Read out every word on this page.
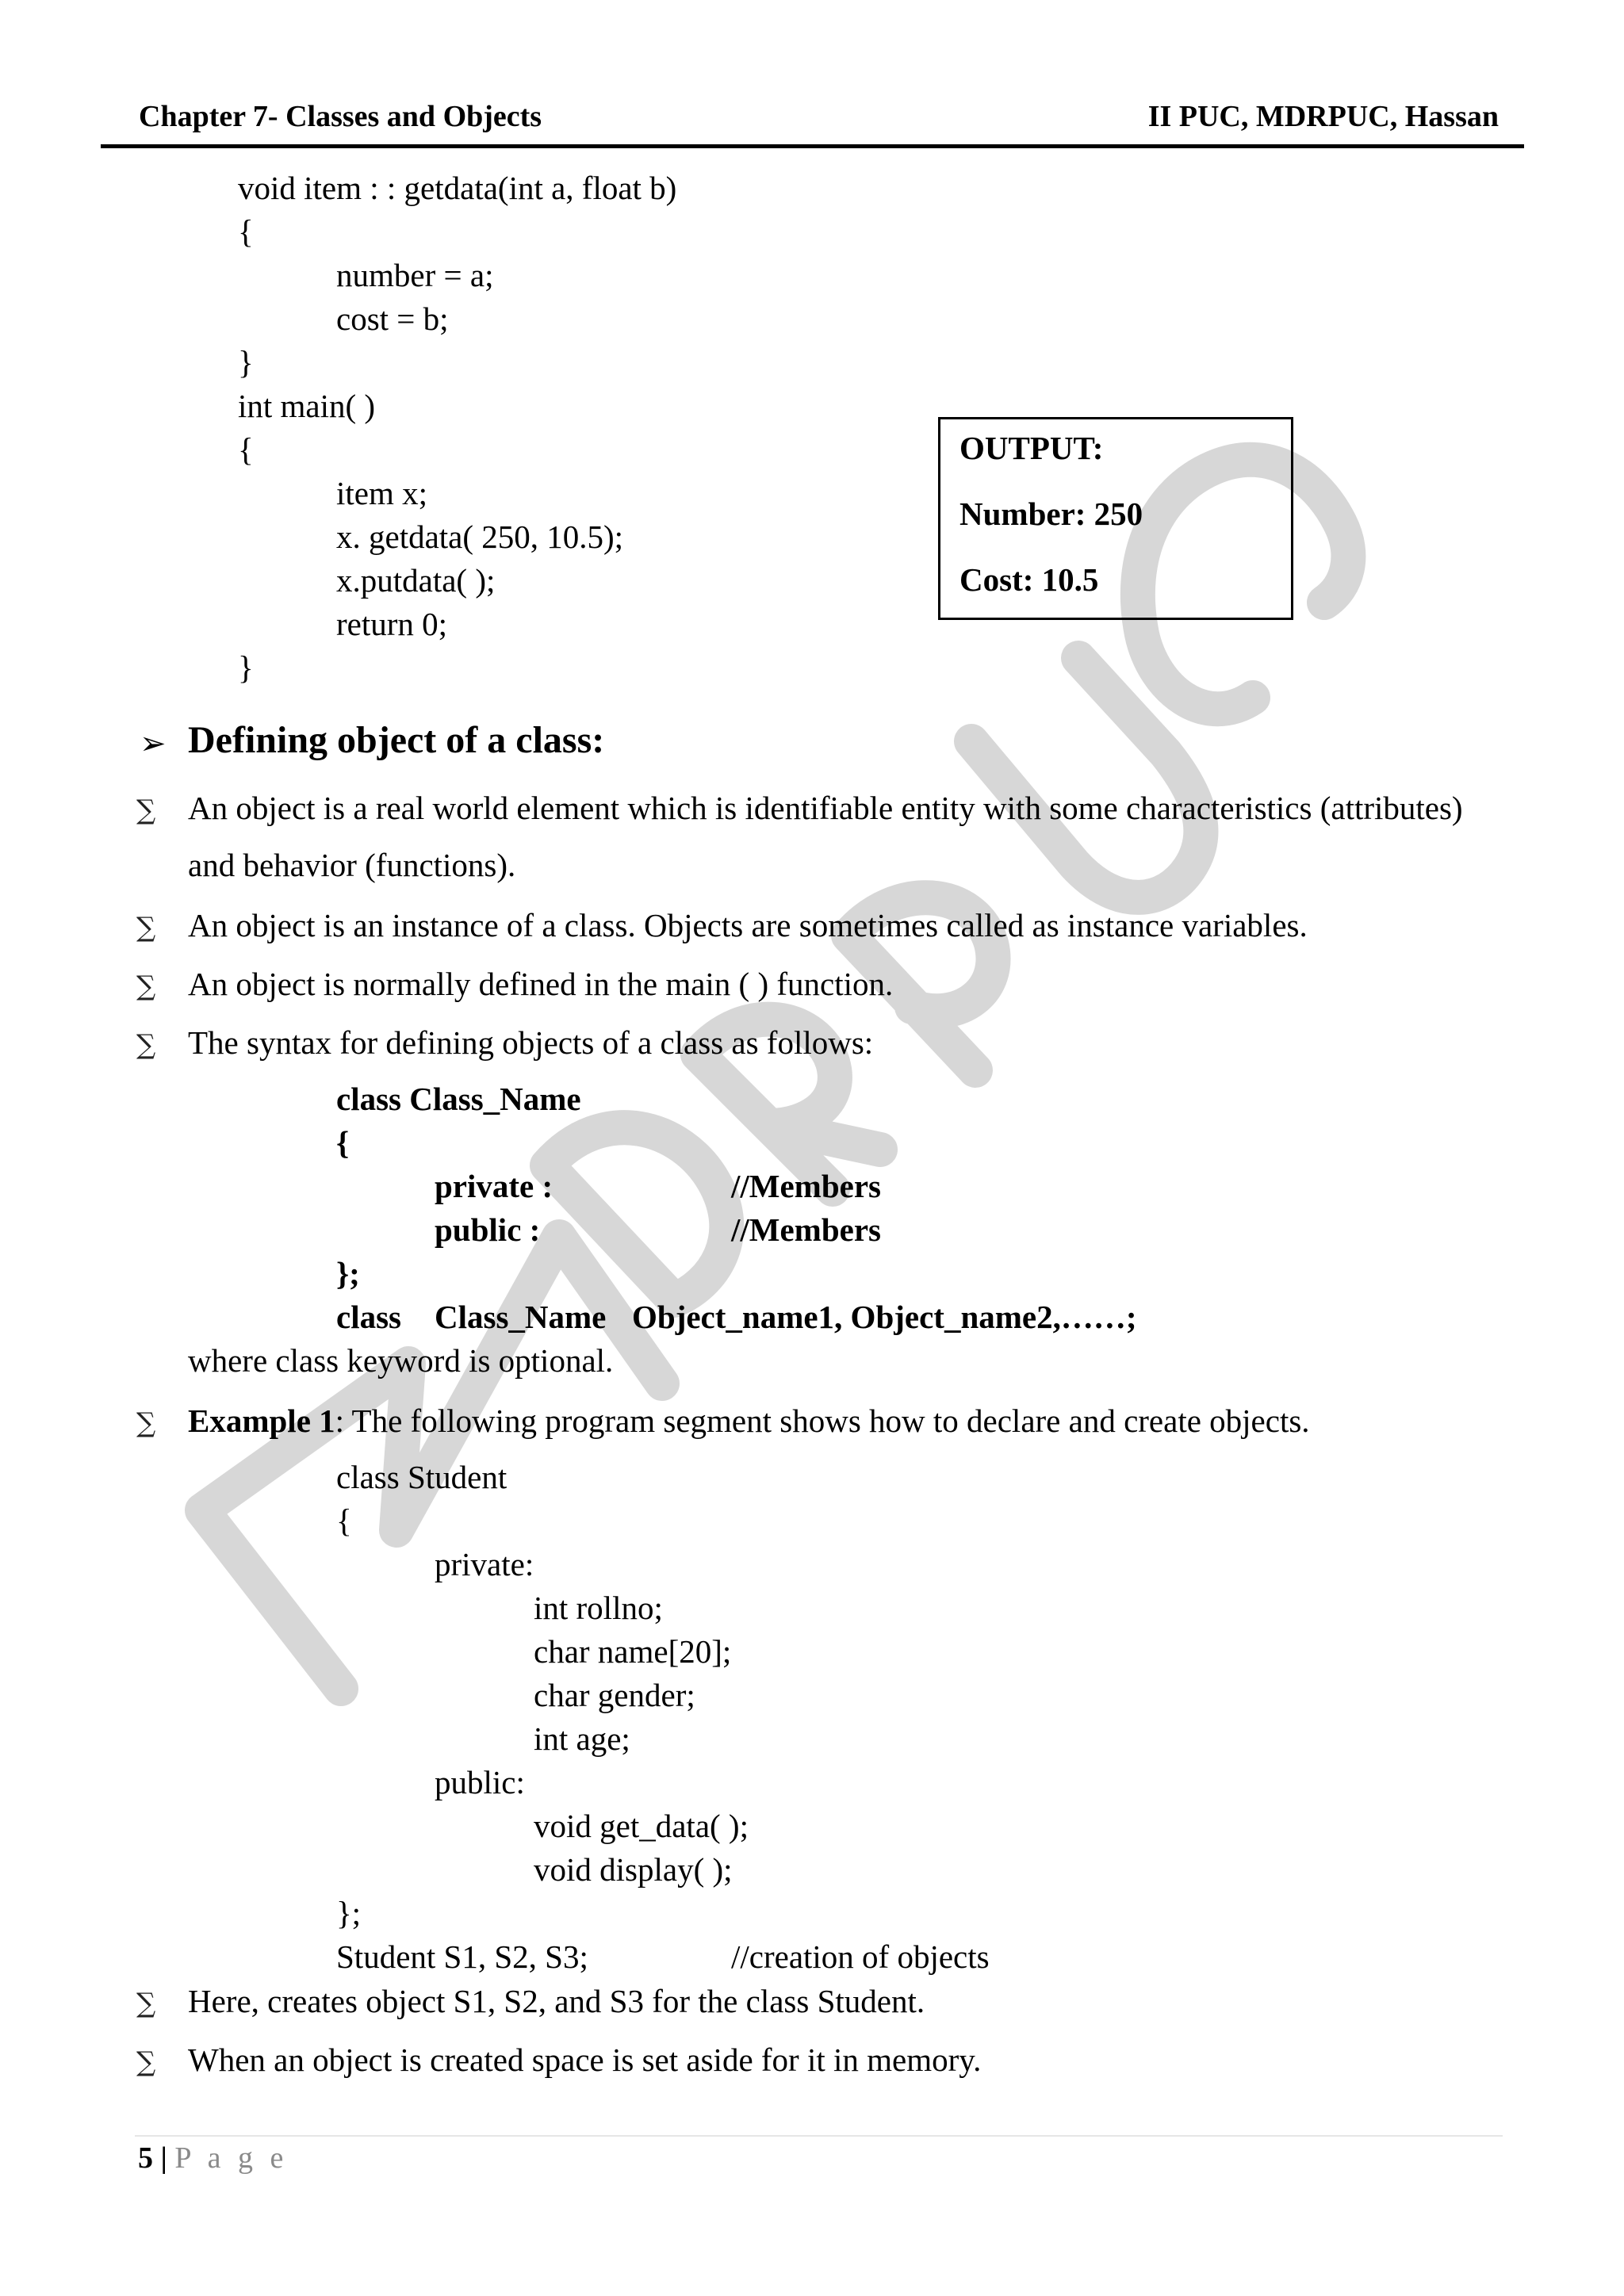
Chapter 7- Classes and Objects	II PUC, MDRPUC, Hassan
void item : : getdata(int a, float b)
{
number = a;
cost = b;
}
int main( )
{
item x;
x. getdata( 250, 10.5);
x.putdata( );
return 0;
}
OUTPUT:
Number: 250
Cost: 10.5
➢ Defining object of a class:
∑ An object is a real world element which is identifiable entity with some characteristics (attributes)
and behavior (functions).
∑ An object is an instance of a class. Objects are sometimes called as instance variables.
∑ An object is normally defined in the main ( ) function.
∑ The syntax for defining objects of a class as follows:
class Class_Name
{
private :	//Members
public :	//Members
};
class Class_Name Object_name1, Object_name2,……;
where class keyword is optional.
∑ Example 1: The following program segment shows how to declare and create objects.
class Student
{
private:
int rollno;
char name[20];
char gender;
int age;
public:
void get_data( );
void display( );
};
Student S1, S2, S3;	//creation of objects
∑ Here, creates object S1, S2, and S3 for the class Student.
∑ When an object is created space is set aside for it in memory.
5 | P a g e
